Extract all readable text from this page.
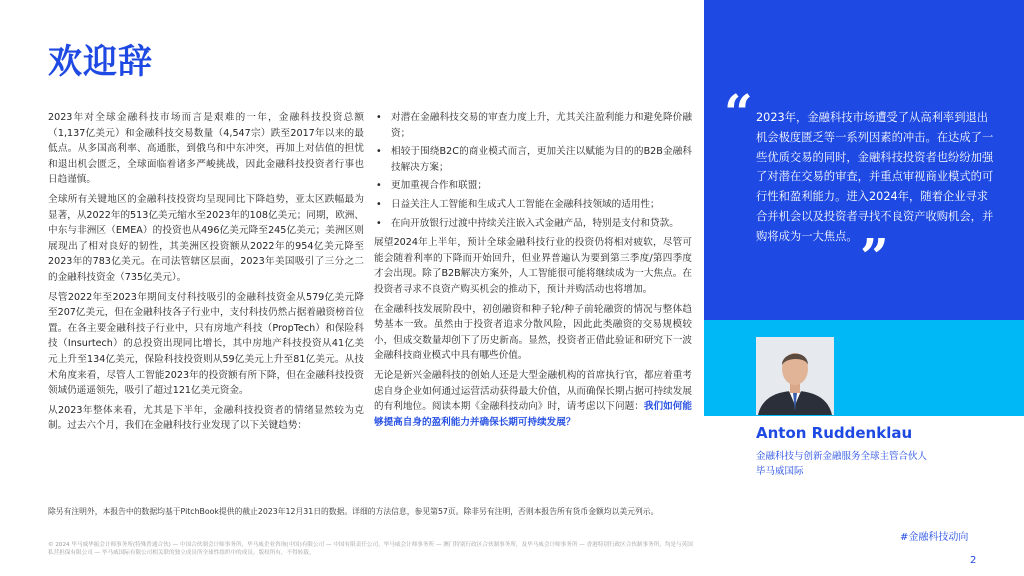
欢迎辞

2023年对全球金融科技市场而言是艰难的一年，金融科技投资总额（1,137亿美元）和金融科技交易数量（4,547宗）跌至2017年以来的最低点。从多国高利率、高通胀，到俄乌和中东冲突，再加上对估值的担忧和退出机会匮乏，全球面临着诸多严峻挑战，因此金融科技投资者行事也日趋谨慎。

全球所有关键地区的金融科技投资均呈现同比下降趋势，亚太区跌幅最为显著，从2022年的513亿美元缩水至2023年的108亿美元；同期，欧洲、中东与非洲区（EMEA）的投资也从496亿美元降至245亿美元；美洲区则展现出了相对良好的韧性，其美洲区投资额从2022年的954亿美元降至2023年的783亿美元。在司法管辖区层面，2023年美国吸引了三分之二的金融科技资金（735亿美元）。

尽管2022年至2023年期间支付科技吸引的金融科技资金从579亿美元降至207亿美元，但在金融科技各子行业中，支付科技仍然占据着融资榜首位置。在各主要金融科技子行业中，只有房地产科技（PropTech）和保险科技（Insurtech）的总投资出现同比增长，其中房地产科技投资从41亿美元上升至134亿美元，保险科技投资则从59亿美元上升至81亿美元。从技术角度来看，尽管人工智能2023年的投资额有所下降，但在金融科技投资领域仍遥遥领先，吸引了超过121亿美元资金。

从2023年整体来看，尤其是下半年，金融科技投资者的情绪显然较为克制。过去六个月，我们在金融科技行业发现了以下关键趋势：

• 对潜在金融科技交易的审查力度上升，尤其关注盈利能力和避免降价融资；
• 相较于围绕B2C的商业模式而言，更加关注以赋能为目的的B2B金融科技解决方案；
• 更加重视合作和联盟；
• 日益关注人工智能和生成式人工智能在金融科技领域的适用性；
• 在向开放银行过渡中持续关注嵌入式金融产品，特别是支付和贷款。

展望2024年上半年，预计全球金融科技行业的投资仍将相对疲软，尽管可能会随着利率的下降而开始回升，但业界普遍认为要到第三季度/第四季度才会出现。除了B2B解决方案外，人工智能很可能将继续成为一大焦点。在投资者寻求不良资产购买机会的推动下，预计并购活动也将增加。

在金融科技发展阶段中，初创融资和种子轮/种子前轮融资的情况与整体趋势基本一致。虽然由于投资者追求分散风险，因此此类融资的交易规模较小，但成交数量却创下了历史新高。显然，投资者正借此验证和研究下一波金融科技商业模式中具有哪些价值。

无论是新兴金融科技的创始人还是大型金融机构的首席执行官，都应着重考虑自身企业如何通过运营活动获得最大价值，从而确保长期占据可持续发展的有利地位。阅读本期《金融科技动向》时，请考虑以下问题：我们如何能够提高自身的盈利能力并确保长期可持续发展？

“ 2023年，金融科技市场遭受了从高利率到退出机会极度匮乏等一系列因素的冲击。在达成了一些优质交易的同时，金融科技投资者也纷纷加强了对潜在交易的审查，并重点审视商业模式的可行性和盈利能力。进入2024年，随着企业寻求合并机会以及投资者寻找不良资产收购机会，并购将成为一大焦点。 ”
Anton Ruddenklau
金融科技与创新金融服务全球主管合伙人
毕马威国际
#金融科技动向
2
除另有注明外，本报告中的数据均基于PitchBook提供的截止2023年12月31日的数据。详细的方法信息，参见第57页。除非另有注明，否则本报告所有货币金额均以美元列示。
© 2024 毕马威华振会计师事务所(特殊普通合伙) — 中国合伙制会计师事务所，毕马威企业咨询(中国)有限公司 — 中国有限责任公司，毕马威会计师事务所 — 澳门特别行政区合伙制事务所，及毕马威会计师事务所 — 香港特别行政区合伙制事务所，均是与英国私营担保有限公司 — 毕马威国际有限公司相关联的独立成员所全球性组织中的成员。版权所有，不得转载。
